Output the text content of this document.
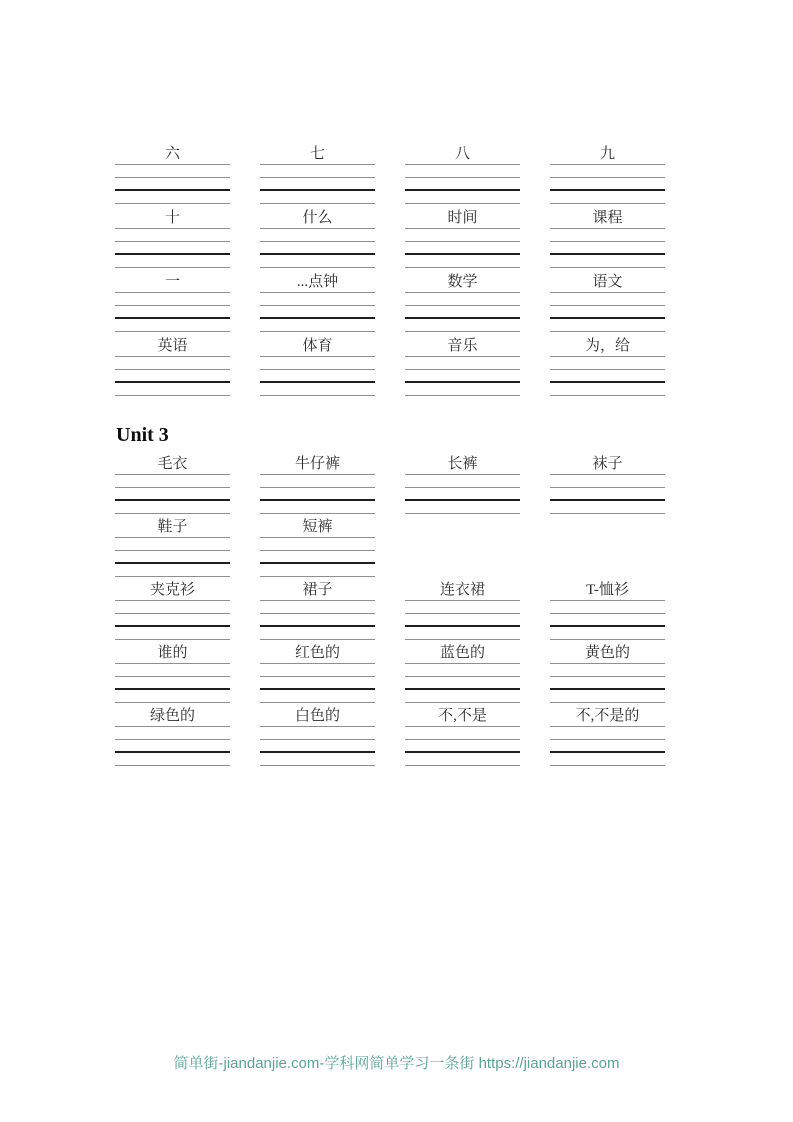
六	七	八	九
十	什么	时间	课程
一	...点钟	数学	语文
英语	体育	音乐	为，给
Unit 3
毛衣	牛仔裤	长裤	袜子
鞋子	短裤
夹克衫	裙子	连衣裙	T-恤衫
谁的	红色的	蓝色的	黄色的
绿色的	白色的	不,不是	不,不是的
简单街-jiandanjie.com-学科网简单学习一条街 https://jiandanjie.com
